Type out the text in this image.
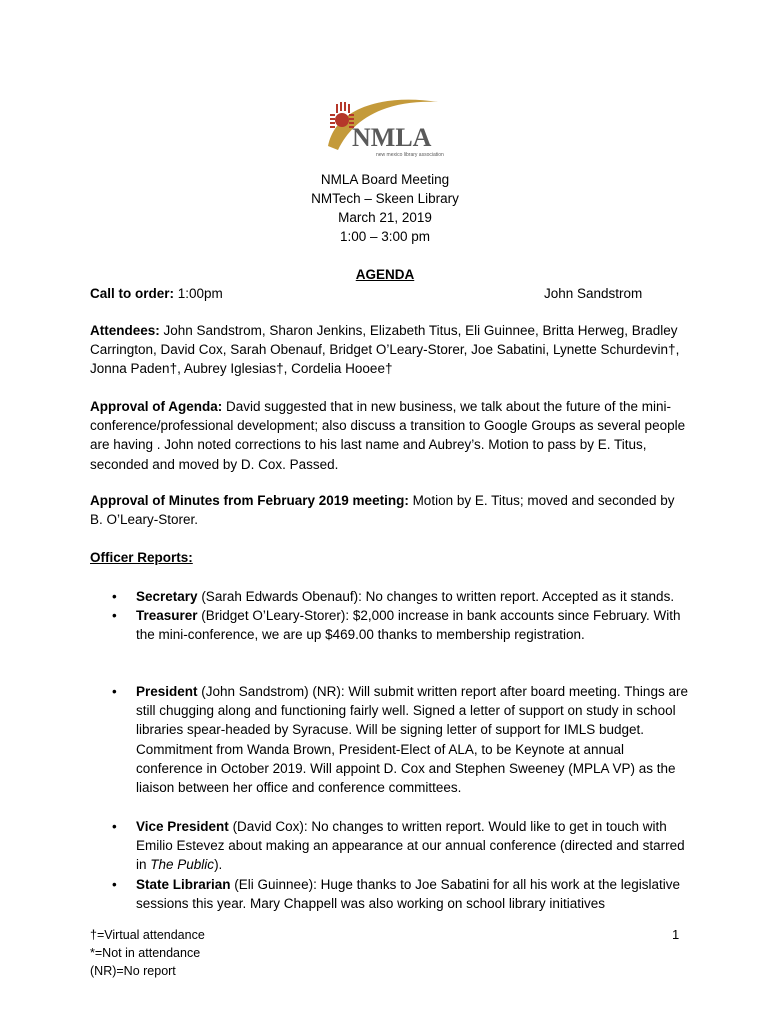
NMLA
new mexico library association
NMLA Board Meeting
NMTech – Skeen Library
March 21, 2019
1:00 – 3:00 pm
AGENDA
Call to order: 1:00pm	John Sandstrom
Attendees: John Sandstrom, Sharon Jenkins, Elizabeth Titus, Eli Guinnee, Britta Herweg, Bradley Carrington, David Cox, Sarah Obenauf, Bridget O’Leary-Storer, Joe Sabatini, Lynette Schurdevin†, Jonna Paden†, Aubrey Iglesias†, Cordelia Hooee†
Approval of Agenda: David suggested that in new business, we talk about the future of the mini-conference/professional development; also discuss a transition to Google Groups as several people are having . John noted corrections to his last name and Aubrey’s. Motion to pass by E. Titus, seconded and moved by D. Cox. Passed.
Approval of Minutes from February 2019 meeting: Motion by E. Titus; moved and seconded by B. O’Leary-Storer.
Officer Reports:
• Secretary (Sarah Edwards Obenauf): No changes to written report. Accepted as it stands.
• Treasurer (Bridget O’Leary-Storer): $2,000 increase in bank accounts since February. With the mini-conference, we are up $469.00 thanks to membership registration.
• President (John Sandstrom) (NR): Will submit written report after board meeting. Things are still chugging along and functioning fairly well. Signed a letter of support on study in school libraries spear-headed by Syracuse. Will be signing letter of support for IMLS budget. Commitment from Wanda Brown, President-Elect of ALA, to be Keynote at annual conference in October 2019. Will appoint D. Cox and Stephen Sweeney (MPLA VP) as the liaison between her office and conference committees.
• Vice President (David Cox): No changes to written report. Would like to get in touch with Emilio Estevez about making an appearance at our annual conference (directed and starred in The Public).
• State Librarian (Eli Guinnee): Huge thanks to Joe Sabatini for all his work at the legislative sessions this year. Mary Chappell was also working on school library initiatives
†=Virtual attendance
*=Not in attendance
(NR)=No report
1
